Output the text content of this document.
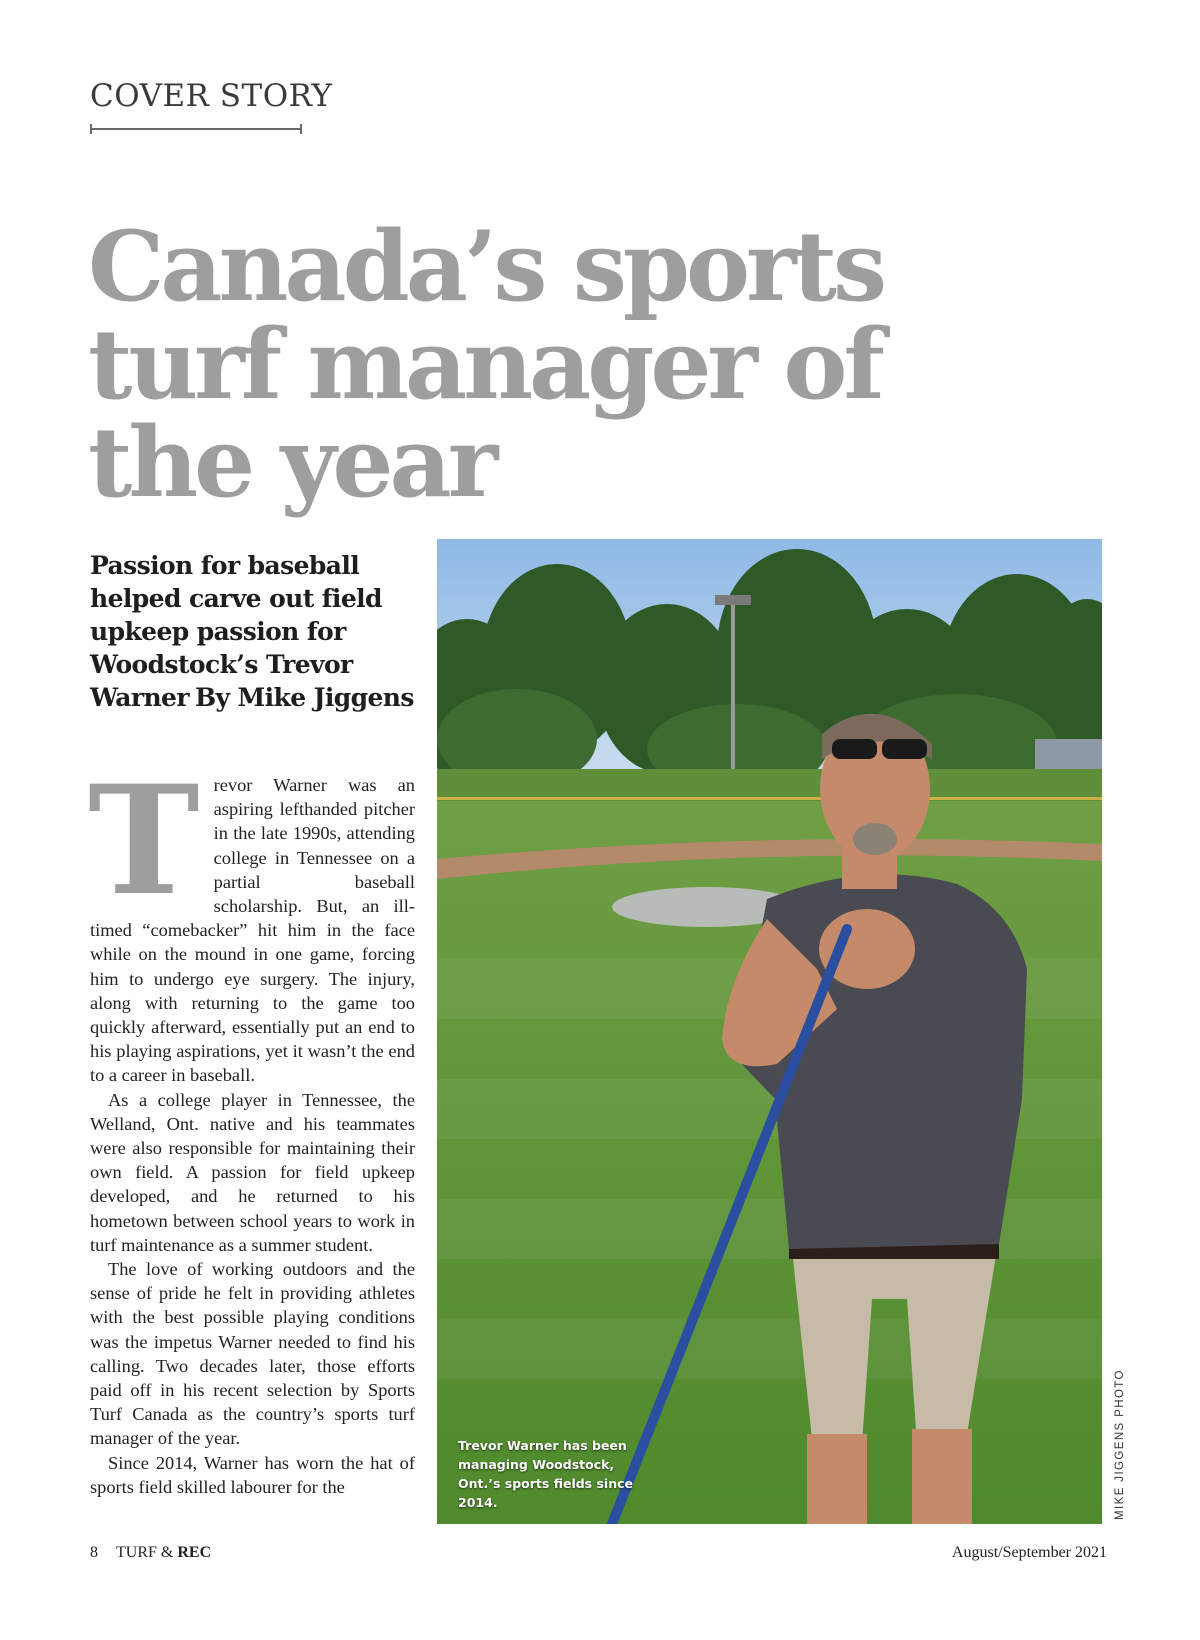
COVER STORY
Canada’s sports turf manager of the year
Passion for baseball helped carve out field upkeep passion for Woodstock’s Trevor Warner By Mike Jiggens

Trevor Warner was an aspiring lefthanded pitcher in the late 1990s, attending college in Tennessee on a partial baseball scholarship. But, an ill-timed “comebacker” hit him in the face while on the mound in one game, forcing him to undergo eye surgery. The injury, along with returning to the game too quickly afterward, essentially put an end to his playing aspirations, yet it wasn’t the end to a career in baseball.

As a college player in Tennessee, the Welland, Ont. native and his teammates were also responsible for maintaining their own field. A passion for field upkeep developed, and he returned to his hometown between school years to work in turf maintenance as a summer student.

The love of working outdoors and the sense of pride he felt in providing athletes with the best possible playing conditions was the impetus Warner needed to find his calling. Two decades later, those efforts paid off in his recent selection by Sports Turf Canada as the country’s sports turf manager of the year.

Since 2014, Warner has worn the hat of sports field skilled labourer for the

Trevor Warner has been managing Woodstock, Ont.’s sports fields since 2014.	MIKE JIGGENS PHOTO
8 TURF & REC	August/September 2021
